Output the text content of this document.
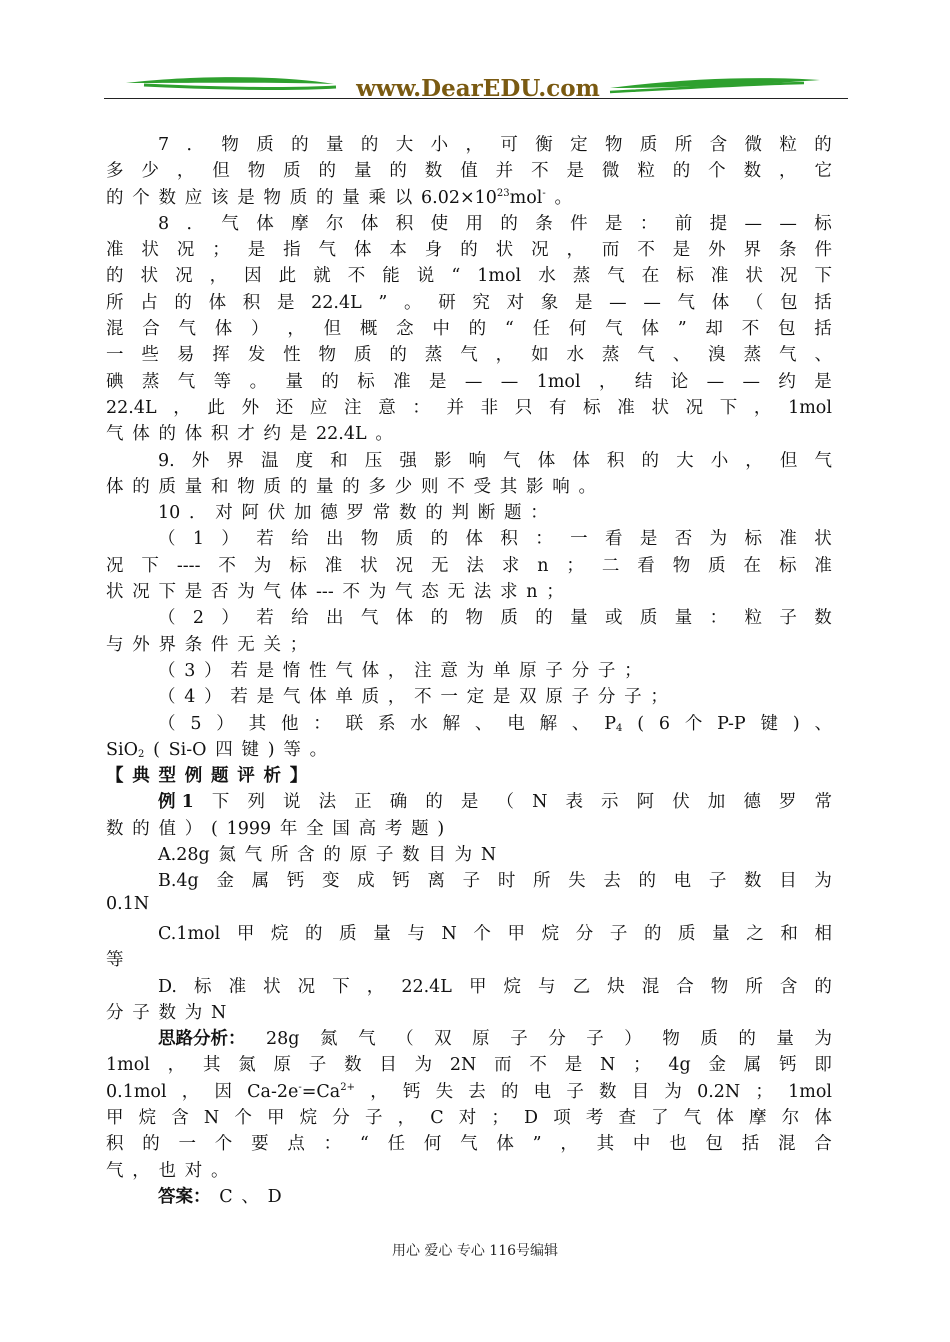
www.DearEDU.com
7 ． 物 质 的 量 的 大 小 ， 可 衡 定 物 质 所 含 微 粒 的
多 少 ， 但 物 质 的 量 的 数 值 并 不 是 微 粒 的 个 数 ， 它
的 个 数 应 该 是 物 质 的 量 乘 以 $6.02\times 10^{23}mol^-$ 。
8 ． 气 体 摩 尔 体 积 使 用 的 条 件 是 ： 前 提 — — 标
准 状 况 ； 是 指 气 体 本 身 的 状 况 ， 而 不 是 外 界 条 件
的 状 况 ， 因 此 就 不 能 说 “ 1mol 水 蒸 气 在 标 准 状 况 下
所 占 的 体 积 是 22.4L ” 。 研 究 对 象 是 — — 气 体 （ 包 括
混 合 气 体 ） ， 但 概 念 中 的 “ 任 何 气 体 ” 却 不 包 括
一 些 易 挥 发 性 物 质 的 蒸 气 ， 如 水 蒸 气 、 溴 蒸 气 、
碘 蒸 气 等 。 量 的 标 准 是 — — 1mol ， 结 论 — — 约 是
22.4L ， 此 外 还 应 注 意 ： 并 非 只 有 标 准 状 况 下 ， 1mol
气 体 的 体 积 才 约 是 22.4L 。
9. 外 界 温 度 和 压 强 影 响 气 体 体 积 的 大 小 ， 但 气
体 的 质 量 和 物 质 的 量 的 多 少 则 不 受 其 影 响 。
10 ． 对 阿 伏 加 德 罗 常 数 的 判 断 题 ：
（ 1 ） 若 给 出 物 质 的 体 积 ： 一 看 是 否 为 标 准 状
况 下 ---- 不 为 标 准 状 况 无 法 求 n ； 二 看 物 质 在 标 准
状 况 下 是 否 为 气 体 --- 不 为 气 态 无 法 求 n ；
（ 2 ） 若 给 出 气 体 的 物 质 的 量 或 质 量 ： 粒 子 数
与 外 界 条 件 无 关 ；
（ 3 ） 若 是 惰 性 气 体 ， 注 意 为 单 原 子 分 子 ；
（ 4 ） 若 是 气 体 单 质 ， 不 一 定 是 双 原 子 分 子 ；
（ 5 ） 其 他 ： 联 系 水 解 、 电 解 、 $P_4$ ( 6 个 P-P 键 ) 、
SiO$_2$ ( Si-O 四 键 ) 等 。
【 典 型 例 题 评 析 】
例 1 下 列 说 法 正 确 的 是 （ N 表 示 阿 伏 加 德 罗 常
数 的 值 ） ( 1999 年 全 国 高 考 题 )
A.28g 氮 气 所 含 的 原 子 数 目 为 N
B.4g 金 属 钙 变 成 钙 离 子 时 所 失 去 的 电 子 数 目 为
0.1N
C.1mol 甲 烷 的 质 量 与 N 个 甲 烷 分 子 的 质 量 之 和 相
等
D. 标 准 状 况 下 ， 22.4L 甲 烷 与 乙 炔 混 合 物 所 含 的
分 子 数 为 N
思路分析： 28g 氮 气 （ 双 原 子 分 子 ） 物 质 的 量 为
1mol ， 其 氮 原 子 数 目 为 2N 而 不 是 N ； 4g 金 属 钙 即
0.1mol ， 因 $Ca-2e^-=Ca^{2+}$ ， 钙 失 去 的 电 子 数 目 为 0.2N ； 1mol
甲 烷 含 N 个 甲 烷 分 子 ， C 对 ； D 项 考 查 了 气 体 摩 尔 体
积 的 一 个 要 点 ： “ 任 何 气 体 ” ， 其 中 也 包 括 混 合
气 ， 也 对 。
答案： C 、 D
用心 爱心 专心 116号编辑
